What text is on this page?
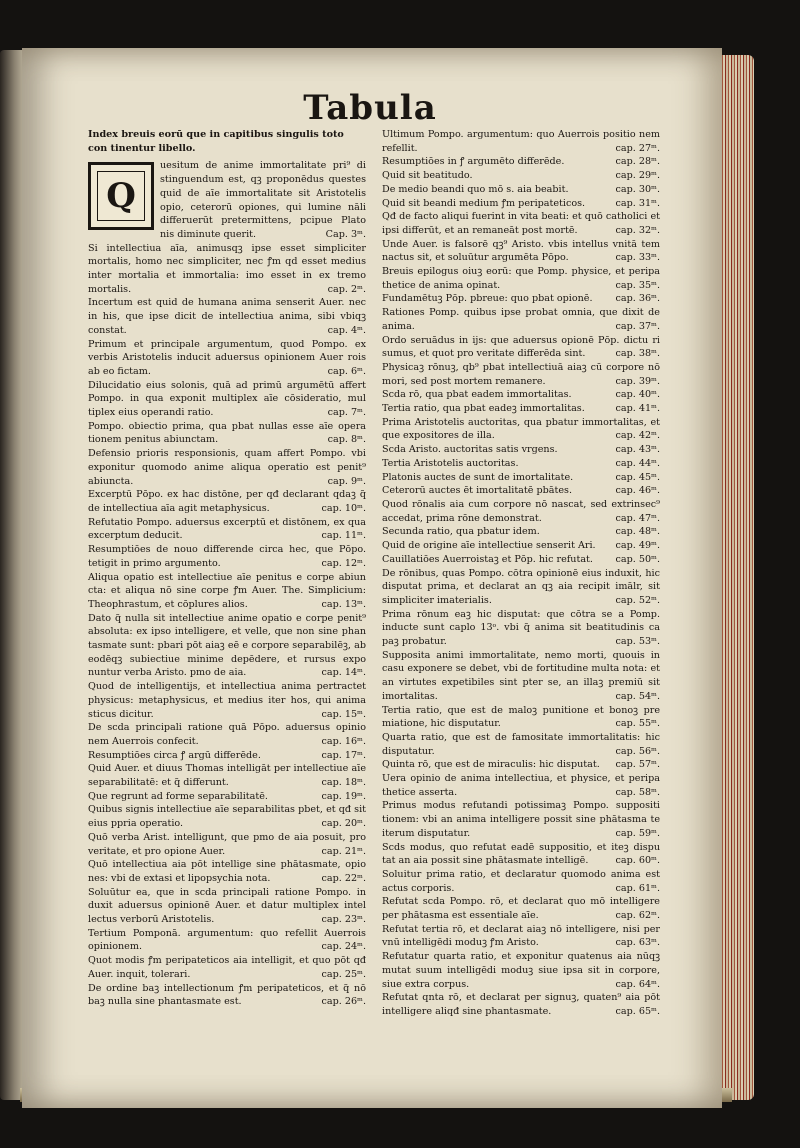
Tabula

Index breuis eorū que in capitibus singulis toto con tinentur libello.

Q

uesitum de anime immortalitate pri⁹ di stinguendum est, qꝫ proponēdus questes quid de aīe immortalitate sit Aristotelis opio, ceterorū opiones, qui lumine nāli differuerūt pretermittens, pcipue Plato nis diminute querit.	Cap. 3ᵐ.

Si intellectiua aīa, animusqꝫ ipse esset simpliciter mortalis, homo nec simpliciter, nec ꝭm qd esset medius inter mortalia et immortalia: imo esset in ex tremo mortalis.	cap. 2ᵐ.

Incertum est quid de humana anima senserit Auer. nec in his, que ipse dicit de intellectiua anima, sibi vbiqꝫ constat.	cap. 4ᵐ.

Primum et principale argumentum, quod Pompo. ex verbis Aristotelis inducit aduersus opinionem Auer rois ab eo fictam.	cap. 6ᵐ.

Dilucidatio eius solonis, quā ad primū argumētū affert Pompo. in qua exponit multiplex aīe cōsideratio, mul tiplex eius operandi ratio.	cap. 7ᵐ.

Pompo. obiectio prima, qua pbat nullas esse aīe opera tionem penitus abiunctam.	cap. 8ᵐ.

Defensio prioris responsionis, quam affert Pompo. vbi exponitur quomodo anime aliqua operatio est penit⁹ abiuncta.	cap. 9ᵐ.

Excerptū Pōpo. ex hac distōne, per qđ declarant qdaꝫ q̃ de intellectiua aīa agit metaphysicus.	cap. 10ᵐ.

Refutatio Pompo. aduersus excerptū et distōnem, ex qua excerptum deducit.	cap. 11ᵐ.

Resumptiōes de nouo differende circa hec, que Pōpo. tetigit in primo argumento.	cap. 12ᵐ.

Aliqua opatio est intellectiue aīe penitus e corpe abiun cta: et aliqua nō sine corpe ꝭm Auer. The. Simplicium: Theophrastum, et cōplures alios.	cap. 13ᵐ.

Dato q̃ nulla sit intellectiue anime opatio e corpe penit⁹ absoluta: ex ipso intelligere, et velle, que non sine phan tasmate sunt: pbari pōt aiaꝫ eē e corpore separabilēꝫ, ab eodēqꝫ subiectiue minime depēdere, et rursus expo nuntur verba Aristo. pmo de aia.	cap. 14ᵐ.

Quod de intelligentijs, et intellectiua anima pertractet physicus: metaphysicus, et medius iter hos, qui anima sticus dicitur.	cap. 15ᵐ.

De scda principali ratione quā Pōpo. aduersus opinio nem Auerrois confecit.	cap. 16ᵐ.

Resumptiōes circa ꝭ argū differēde.	cap. 17ᵐ.

Quid Auer. et diuus Thomas intelligāt per intellectiue aīe separabilitatē: et q̃ differunt.	cap. 18ᵐ.

Que regrunt ad forme separabilitatē.	cap. 19ᵐ.

Quibus signis intellectiue aīe separabilitas pbet, et qđ sit eius ppria operatio.	cap. 20ᵐ.

Quō verba Arist. intelligunt, que pmo de aia posuit, pro veritate, et pro opione Auer.	cap. 21ᵐ.

Quō intellectiua aia pōt intellige sine phātasmate, opio nes: vbi de extasi et lipopsychia nota.	cap. 22ᵐ.

Soluūtur ea, que in scda principali ratione Pompo. in duxit aduersus opinionē Auer. et datur multiplex intel lectus verborū Aristotelis.	cap. 23ᵐ.

Tertium Pomponā. argumentum: quo refellit Auerrois opinionem.	cap. 24ᵐ.

Quot modis ꝭm peripateticos aia intelligit, et quo pōt qđ Auer. inquit, tolerari.	cap. 25ᵐ.

De ordine baꝫ intellectionum ꝭm peripateticos, et q̃ nō baꝫ nulla sine phantasmate est.	cap. 26ᵐ.

Ultimum Pompo. argumentum: quo Auerrois positio nem refellit.	cap. 27ᵐ.

Resumptiōes in ꝭ argumēto differēde.	cap. 28ᵐ.

Quid sit beatitudo.	cap. 29ᵐ.

De medio beandi quo mō s. aia beabit.	cap. 30ᵐ.

Quid sit beandi medium ꝭm peripateticos.	cap. 31ᵐ.

Qđ de facto aliqui fuerint in vita beati: et quō catholici et ipsi differūt, et an remaneāt post mortē.	cap. 32ᵐ.

Unde Auer. is falsorē qꝫ⁹ Aristo. vbis intellus vnitā tem nactus sit, et soluūtur argumēta Pōpo.	cap. 33ᵐ.

Breuis epilogus oiuꝫ eorū: que Pomp. physice, et peripa thetice de anima opinat.	cap. 35ᵐ.

Fundamētuꝫ Pōp. pbreue: quo pbat opionē.	cap. 36ᵐ.

Rationes Pomp. quibus ipse probat omnia, que dixit de anima.	cap. 37ᵐ.

Ordo seruādus in ijs: que aduersus opionē Pōp. dictu ri sumus, et quot pro veritate differēda sint.	cap. 38ᵐ.

Physicaꝫ rōnuꝫ, qb⁹ pbat intellectiuā aiaꝫ cū corpore nō mori, sed post mortem remanere.	cap. 39ᵐ.

Scda rō, qua pbat eadem immortalitas.	cap. 40ᵐ.

Tertia ratio, qua pbat eadeꝫ immortalitas.	cap. 41ᵐ.

Prima Aristotelis auctoritas, qua pbatur immortalitas, et que expositores de illa.	cap. 42ᵐ.

Scda Aristo. auctoritas satis vrgens.	cap. 43ᵐ.

Tertia Aristotelis auctoritas.	cap. 44ᵐ.

Platonis auctes de sunt de imortalitate.	cap. 45ᵐ.

Ceterorū auctes ēt imortalitatē pbātes.	cap. 46ᵐ.

Quod rōnalis aia cum corpore nō nascat, sed extrinsec⁹ accedat, prima rōne demonstrat.	cap. 47ᵐ.

Secunda ratio, qua pbatur idem.	cap. 48ᵐ.

Quid de origine aīe intellectiue senserit Ari.	cap. 49ᵐ.

Cauillatiōes Auerroistaꝫ et Pōp. hic refutat.	cap. 50ᵐ.

De rōnibus, quas Pompo. cōtra opinionē eius induxit, hic disputat prima, et declarat an qꝫ aia recipit imālr, sit simpliciter imaterialis.	cap. 52ᵐ.

Prima rōnum eaꝫ hic disputat: que cōtra se a Pomp. inducte sunt caplo 13ᵒ. vbi q̃ anima sit beatitudinis ca paꝫ probatur.	cap. 53ᵐ.

Supposita animi immortalitate, nemo morti, quouis in casu exponere se debet, vbi de fortitudine multa nota: et an virtutes expetibiles sint pter se, an illaꝫ premiū sit imortalitas.	cap. 54ᵐ.

Tertia ratio, que est de maloꝫ punitione et bonoꝫ pre miatione, hic disputatur.	cap. 55ᵐ.

Quarta ratio, que est de famositate immortalitatis: hic disputatur.	cap. 56ᵐ.

Quinta rō, que est de miraculis: hic disputat.	cap. 57ᵐ.

Uera opinio de anima intellectiua, et physice, et peripa thetice asserta.	cap. 58ᵐ.

Primus modus refutandi potissimaꝫ Pompo. suppositi tionem: vbi an anima intelligere possit sine phātasma te iterum disputatur.	cap. 59ᵐ.

Scds modus, quo refutat eadē suppositio, et iteꝫ dispu tat an aia possit sine phātasmate intelligē.	cap. 60ᵐ.

Soluitur prima ratio, et declaratur quomodo anima est actus corporis.	cap. 61ᵐ.

Refutat scda Pompo. rō, et declarat quo mō intelligere per phātasma est essentiale aīe.	cap. 62ᵐ.

Refutat tertia rō, et declarat aiaꝫ nō intelligere, nisi per vnū intelligēdi moduꝫ ꝭm Aristo.	cap. 63ᵐ.

Refutatur quarta ratio, et exponitur quatenus aia nūqꝫ mutat suum intelligēdi moduꝫ siue ipsa sit in corpore, siue extra corpus.	cap. 64ᵐ.

Refutat qnta rō, et declarat per signuꝫ, quaten⁹ aia pōt intelligere aliqđ sine phantasmate.	cap. 65ᵐ.
